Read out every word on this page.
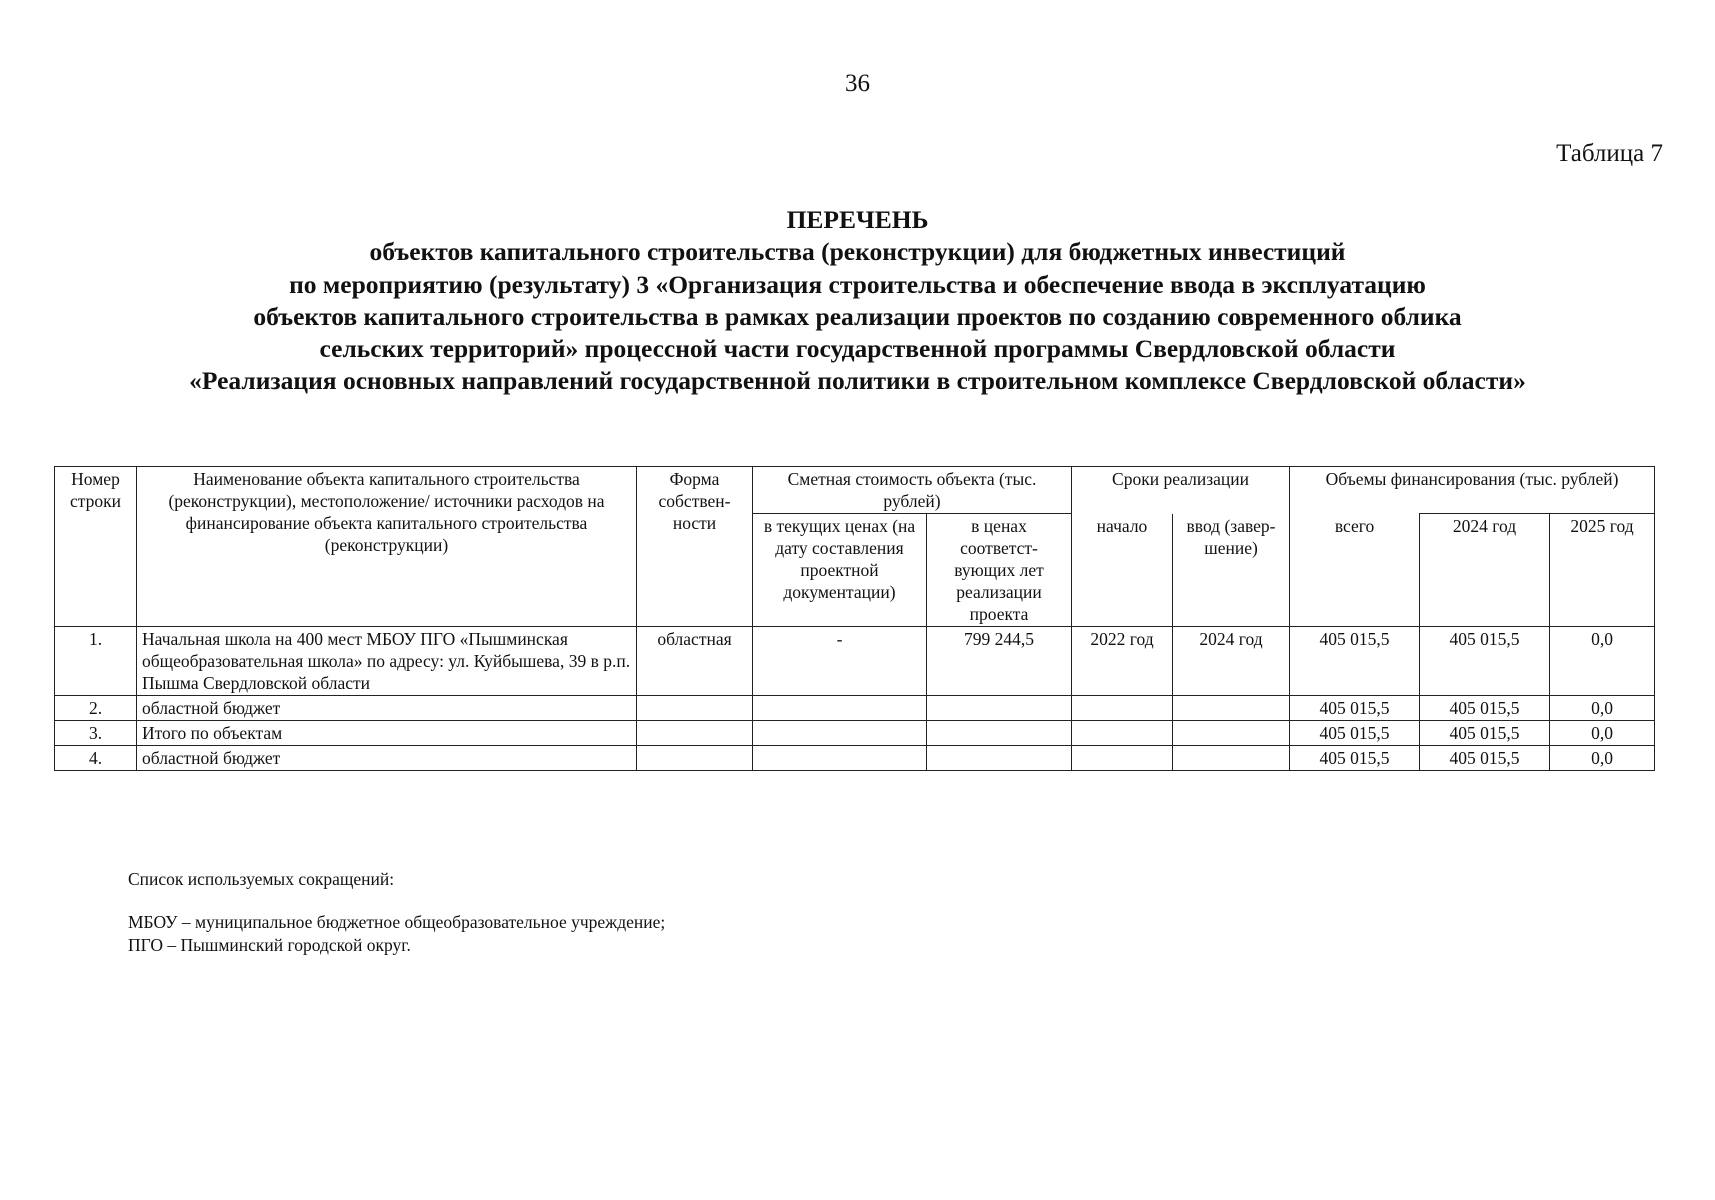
36
Таблица 7
ПЕРЕЧЕНЬ
объектов капитального строительства (реконструкции) для бюджетных инвестиций
по мероприятию (результату) 3 «Организация строительства и обеспечение ввода в эксплуатацию
объектов капитального строительства в рамках реализации проектов по созданию современного облика
сельских территорий» процессной части государственной программы Свердловской области
«Реализация основных направлений государственной политики в строительном комплексе Свердловской области»
Номер строки	Наименование объекта капитального строительства (реконструкции), местоположение/ источники расходов на финансирование объекта капитального строительства (реконструкции)	Форма собствен- ности	Сметная стоимость объекта (тыс. рублей)		Сроки реализации		Объемы финансирования (тыс. рублей)		
			в текущих ценах (на дату составления проектной документации)	в ценах соответст- вующих лет реализации проекта	начало	ввод (завер- шение)	всего	2024 год	2025 год
1.	Начальная школа на 400 мест МБОУ ПГО «Пышминская общеобразовательная школа» по адресу: ул. Куйбышева, 39 в р.п. Пышма Свердловской области	областная	-	799 244,5	2022 год	2024 год	405 015,5	405 015,5	0,0
2.	областной бюджет						405 015,5	405 015,5	0,0
3.	Итого по объектам						405 015,5	405 015,5	0,0
4.	областной бюджет						405 015,5	405 015,5	0,0
Список используемых сокращений:
МБОУ – муниципальное бюджетное общеобразовательное учреждение;
ПГО – Пышминский городской округ.
